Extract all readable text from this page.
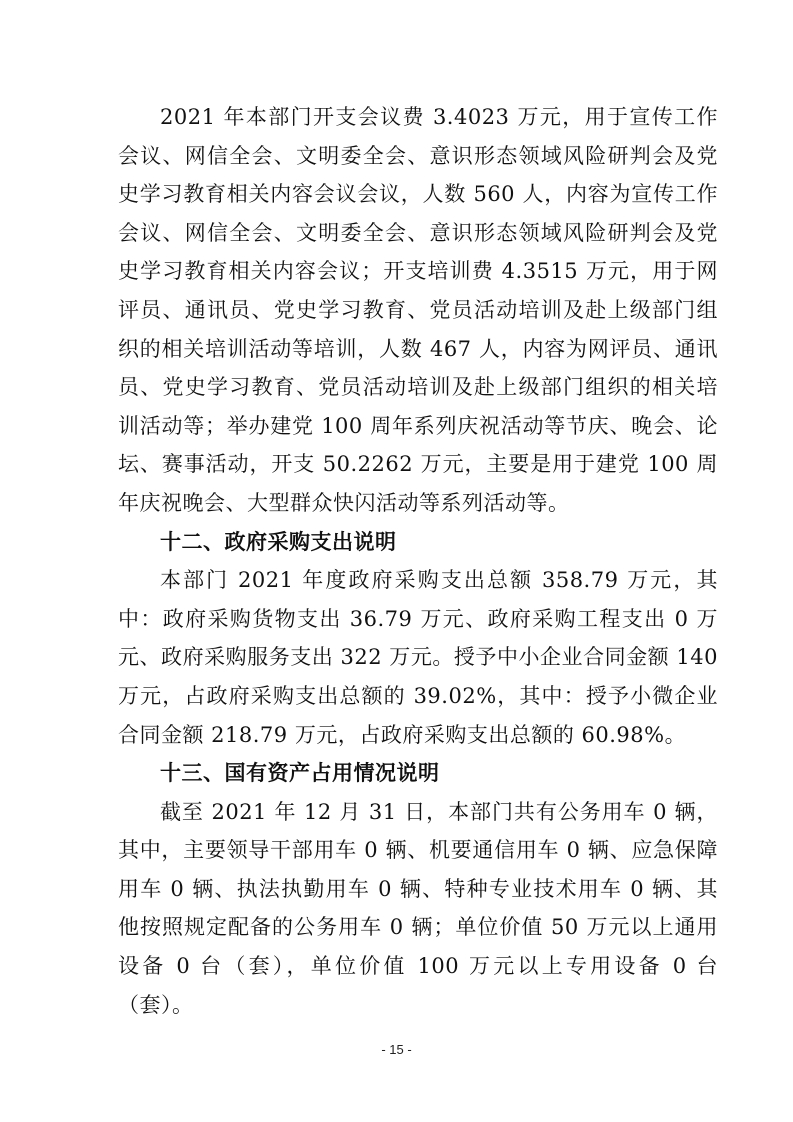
2021 年本部门开支会议费 3.4023 万元，用于宣传工作会议、网信全会、文明委全会、意识形态领域风险研判会及党史学习教育相关内容会议会议，人数 560 人，内容为宣传工作会议、网信全会、文明委全会、意识形态领域风险研判会及党史学习教育相关内容会议；开支培训费 4.3515 万元，用于网评员、通讯员、党史学习教育、党员活动培训及赴上级部门组织的相关培训活动等培训，人数 467 人，内容为网评员、通讯员、党史学习教育、党员活动培训及赴上级部门组织的相关培训活动等；举办建党 100 周年系列庆祝活动等节庆、晚会、论坛、赛事活动，开支 50.2262 万元，主要是用于建党 100 周年庆祝晚会、大型群众快闪活动等系列活动等。

十二、政府采购支出说明

本部门 2021 年度政府采购支出总额 358.79 万元，其中：政府采购货物支出 36.79 万元、政府采购工程支出 0 万元、政府采购服务支出 322 万元。授予中小企业合同金额 140 万元，占政府采购支出总额的 39.02%，其中：授予小微企业合同金额 218.79 万元，占政府采购支出总额的 60.98%。

十三、国有资产占用情况说明

截至 2021 年 12 月 31 日，本部门共有公务用车 0 辆，其中，主要领导干部用车 0 辆、机要通信用车 0 辆、应急保障用车 0 辆、执法执勤用车 0 辆、特种专业技术用车 0 辆、其他按照规定配备的公务用车 0 辆；单位价值 50 万元以上通用设备 0 台（套），单位价值 100 万元以上专用设备 0 台（套）。

- 15 -
